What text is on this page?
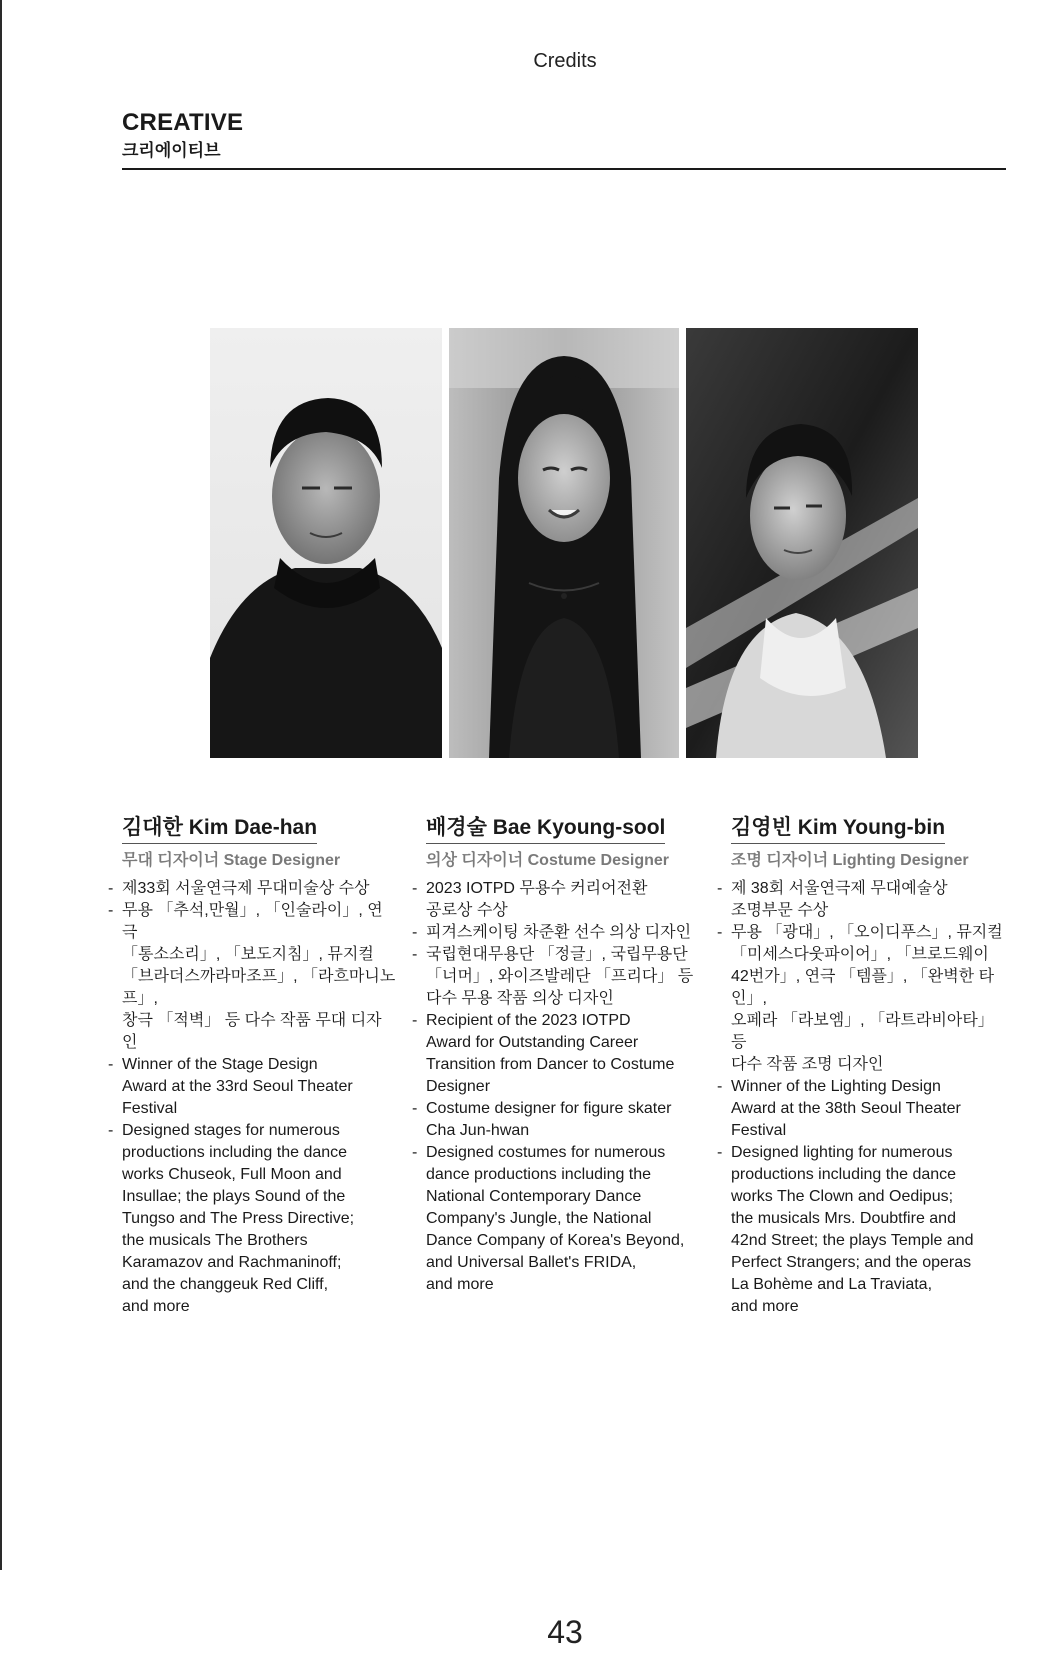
Credits
CREATIVE
크리에이티브
김대한 Kim Dae-han
무대 디자이너 Stage Designer
- 제33회 서울연극제 무대미술상 수상
- 무용 「추석,만월」, 「인술라이」, 연극
「통소소리」, 「보도지침」, 뮤지컬
「브라더스까라마조프」, 「라흐마니노프」,
창극 「적벽」 등 다수 작품 무대 디자인
- Winner of the Stage Design
Award at the 33rd Seoul Theater
Festival
- Designed stages for numerous
productions including the dance
works Chuseok, Full Moon and
Insullae; the plays Sound of the
Tungso and The Press Directive;
the musicals The Brothers
Karamazov and Rachmaninoff;
and the changgeuk Red Cliff,
and more
배경술 Bae Kyoung-sool
의상 디자이너 Costume Designer
- 2023 IOTPD 무용수 커리어전환
공로상 수상
- 피겨스케이팅 차준환 선수 의상 디자인
- 국립현대무용단 「정글」, 국립무용단
「너머」, 와이즈발레단 「프리다」 등
다수 무용 작품 의상 디자인
- Recipient of the 2023 IOTPD
Award for Outstanding Career
Transition from Dancer to Costume
Designer
- Costume designer for figure skater
Cha Jun-hwan
- Designed costumes for numerous
dance productions including the
National Contemporary Dance
Company's Jungle, the National
Dance Company of Korea's Beyond,
and Universal Ballet's FRIDA,
and more
김영빈 Kim Young-bin
조명 디자이너 Lighting Designer
- 제 38회 서울연극제 무대예술상
조명부문 수상
- 무용 「광대」, 「오이디푸스」, 뮤지컬
「미세스다웃파이어」, 「브로드웨이
42번가」, 연극 「템플」, 「완벽한 타인」,
오페라 「라보엠」, 「라트라비아타」 등
다수 작품 조명 디자인
- Winner of the Lighting Design
Award at the 38th Seoul Theater
Festival
- Designed lighting for numerous
productions including the dance
works The Clown and Oedipus;
the musicals Mrs. Doubtfire and
42nd Street; the plays Temple and
Perfect Strangers; and the operas
La Bohème and La Traviata,
and more
43
